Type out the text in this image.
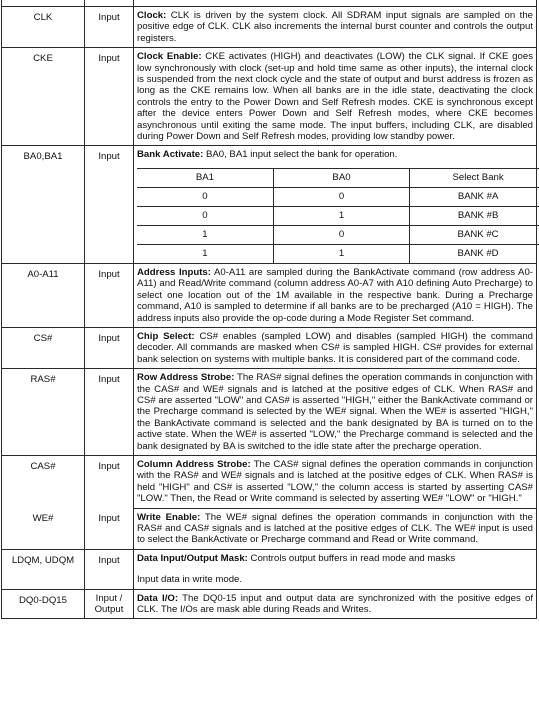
CLK	Input	Clock: CLK is driven by the system clock. All SDRAM input signals are sampled on the positive edge of CLK. CLK also increments the internal burst counter and controls the output registers.
CKE	Input	Clock Enable: CKE activates (HIGH) and deactivates (LOW) the CLK signal. If CKE goes low synchronously with clock (set-up and hold time same as other inputs), the internal clock is suspended from the next clock cycle and the state of output and burst address is frozen as long as the CKE remains low. When all banks are in the idle state, deactivating the clock controls the entry to the Power Down and Self Refresh modes. CKE is synchronous except after the device enters Power Down and Self Refresh modes, where CKE becomes asynchronous until exiting the same mode. The input buffers, including CLK, are disabled during Power Down and Self Refresh modes, providing low standby power.
BA0,BA1	Input	Bank Activate: BA0, BA1 input select the bank for operation.
BA1	BA0	Select Bank
0	0	BANK #A
0	1	BANK #B
1	0	BANK #C
1	1	BANK #D

A0-A11	Input	Address Inputs: A0-A11 are sampled during the BankActivate command (row address A0-A11) and Read/Write command (column address A0-A7 with A10 defining Auto Precharge) to select one location out of the 1M available in the respective bank. During a Precharge command, A10 is sampled to determine if all banks are to be precharged (A10 = HIGH). The address inputs also provide the op-code during a Mode Register Set command.
CS#	Input	Chip Select: CS# enables (sampled LOW) and disables (sampled HIGH) the command decoder. All commands are masked when CS# is sampled HIGH. CS# provides for external bank selection on systems with multiple banks. It is considered part of the command code.
RAS#	Input	Row Address Strobe: The RAS# signal defines the operation commands in conjunction with the CAS# and WE# signals and is latched at the positive edges of CLK. When RAS# and CS# are asserted "LOW" and CAS# is asserted "HIGH," either the BankActivate command or the Precharge command is selected by the WE# signal. When the WE# is asserted "HIGH," the BankActivate command is selected and the bank designated by BA is turned on to the active state. When the WE# is asserted "LOW," the Precharge command is selected and the bank designated by BA is switched to the idle state after the precharge operation.
CAS#	Input	Column Address Strobe: The CAS# signal defines the operation commands in conjunction with the RAS# and WE# signals and is latched at the positive edges of CLK. When RAS# is held "HIGH" and CS# is asserted "LOW," the column access is started by asserting CAS# "LOW." Then, the Read or Write command is selected by asserting WE# "LOW" or "HIGH."
WE#	Input	Write Enable: The WE# signal defines the operation commands in conjunction with the RAS# and CAS# signals and is latched at the positive edges of CLK. The WE# input is used to select the BankActivate or Precharge command and Read or Write command.
LDQM, UDQM	Input	Data Input/Output Mask: Controls output buffers in read mode and masks
Input data in write mode.

DQ0-DQ15	Input / Output	Data I/O: The DQ0-15 input and output data are synchronized with the positive edges of CLK. The I/Os are mask able during Reads and Writes.
